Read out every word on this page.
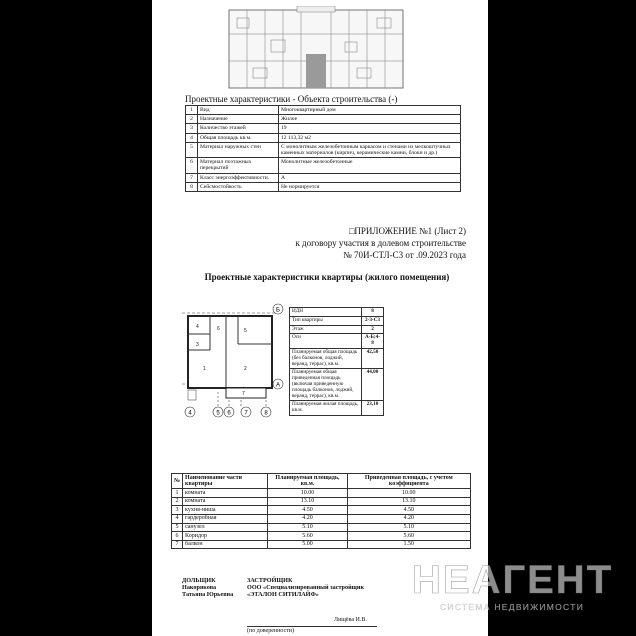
Проектные характеристики - Объекта строительства (-)
1	Вид	Многоквартирный дом
2	Назначение	Жилое
3	Количество этажей	19
4	Общая площадь кв.м.	12 113,32 м2
5	Материал наружных стен	С монолитным железобетонным каркасом и стенами из мелкоштучных каменных материалов (кирпич, керамические камни, блоки и др.)
6	Материал поэтажных перекрытий	Монолитные железобетонные
7	Класс энергоэффективности.	A
8	Сейсмостойкость	Не нормируется
□ПРИЛОЖЕНИЕ №1 (Лист 2)
к договору участия в долевом строительстве
№ 70И-СТЛ-С3 от .09.2023 года
Проектные характеристики квартиры (жилого помещения)
Б
А
4	5 6 7	8
4	6	5
3
1	2
7
ИДН	8
Тип квартиры	2-3-С3
Этаж	2
Оси	А-Б;4-8
Планируемая общая площадь (без балконов, лоджий, веранд, террас), кв.м.	42,50
Планируемая общая приведенная площадь (включая приведенную площадь балконов, лоджий, веранд, террас), кв.м.	44,00
Планируемая жилая площадь, кв.м.	23,10
№	Наименование части квартиры	Планируемая площадь, кв.м.	Приведенная площадь, с учетом коэффициента
1	комната	10.00	10.00
2	комната	13.10	13.10
3	кухня-ниша	4.50	4.50
4	гардеробная	4.20	4.20
5	санузел	5.10	5.10
6	Коридор	5.60	5.60
7	балкон	5.00	1.50
ДОЛЬЩИК
Накорякова
Татьяна Юрьевна
ЗАСТРОЙЩИК
ООО «Специализированный застройщик
«ЭТАЛОН СИТИЛАЙФ»
Лищёва И.В.
(по доверенности)
НЕАГЕНТ
СИСТЕМА НЕДВИЖИМОСТИ
